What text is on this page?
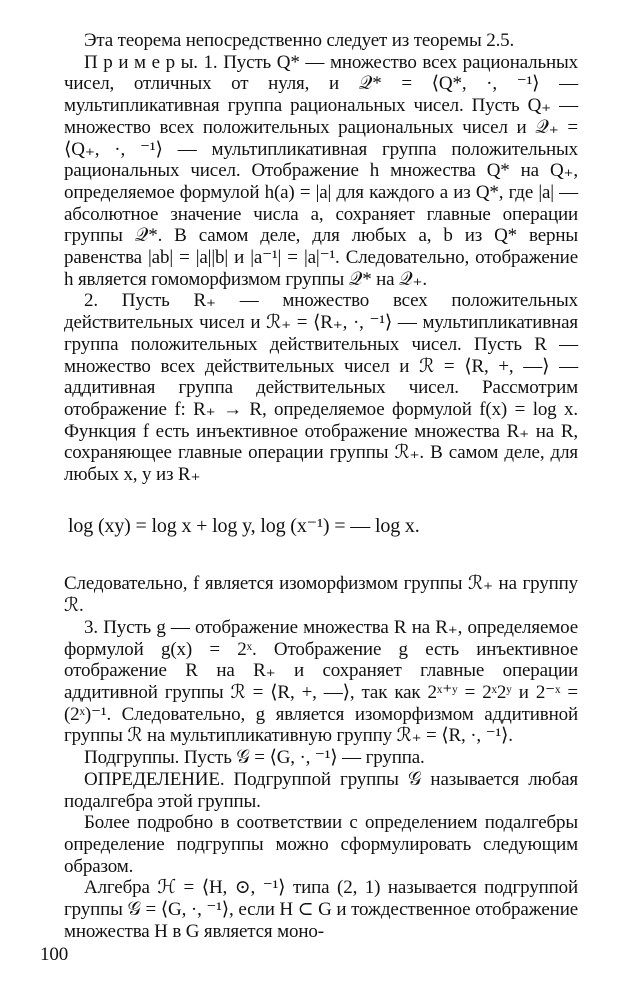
Эта теорема непосредственно следует из теоремы 2.5.

П р и м е р ы. 1. Пусть Q* — множество всех рациональных чисел, отличных от нуля, и 𝒬* = ⟨Q*, ·, ⁻¹⟩ — мультипликативная группа рациональных чисел. Пусть Q₊ — множество всех положительных рациональных чисел и 𝒬₊ = ⟨Q₊, ·, ⁻¹⟩ — мультипликативная группа положительных рациональных чисел. Отображение h множества Q* на Q₊, определяемое формулой h(a) = |a| для каждого a из Q*, где |a| — абсолютное значение числа a, сохраняет главные операции группы 𝒬*. В самом деле, для любых a, b из Q* верны равенства |ab| = |a||b| и |a⁻¹| = |a|⁻¹. Следовательно, отображение h является гомоморфизмом группы 𝒬* на 𝒬₊.

2. Пусть R₊ — множество всех положительных действительных чисел и ℛ₊ = ⟨R₊, ·, ⁻¹⟩ — мультипликативная группа положительных действительных чисел. Пусть R — множество всех действительных чисел и ℛ = ⟨R, +, —⟩ — аддитивная группа действительных чисел. Рассмотрим отображение f: R₊ → R, определяемое формулой f(x) = log x. Функция f есть инъективное отображение множества R₊ на R, сохраняющее главные операции группы ℛ₊. В самом деле, для любых x, y из R₊

log (xy) = log x + log y, log (x⁻¹) = — log x.

Следовательно, f является изоморфизмом группы ℛ₊ на группу ℛ.

3. Пусть g — отображение множества R на R₊, определяемое формулой g(x) = 2ˣ. Отображение g есть инъективное отображение R на R₊ и сохраняет главные операции аддитивной группы ℛ = ⟨R, +, —⟩, так как 2ˣ⁺ʸ = 2ˣ2ʸ и 2⁻ˣ = (2ˣ)⁻¹. Следовательно, g является изоморфизмом аддитивной группы ℛ на мультипликативную группу ℛ₊ = ⟨R, ·, ⁻¹⟩.

Подгруппы. Пусть 𝒢 = ⟨G, ·, ⁻¹⟩ — группа.

ОПРЕДЕЛЕНИЕ. Подгруппой группы 𝒢 называется любая подалгебра этой группы.

Более подробно в соответствии с определением подалгебры определение подгруппы можно сформулировать следующим образом.

Алгебра ℋ = ⟨H, ⊙, ⁻¹⟩ типа (2, 1) называется подгруппой группы 𝒢 = ⟨G, ·, ⁻¹⟩, если H ⊂ G и тождественное отображение множества H в G является моно-

100
